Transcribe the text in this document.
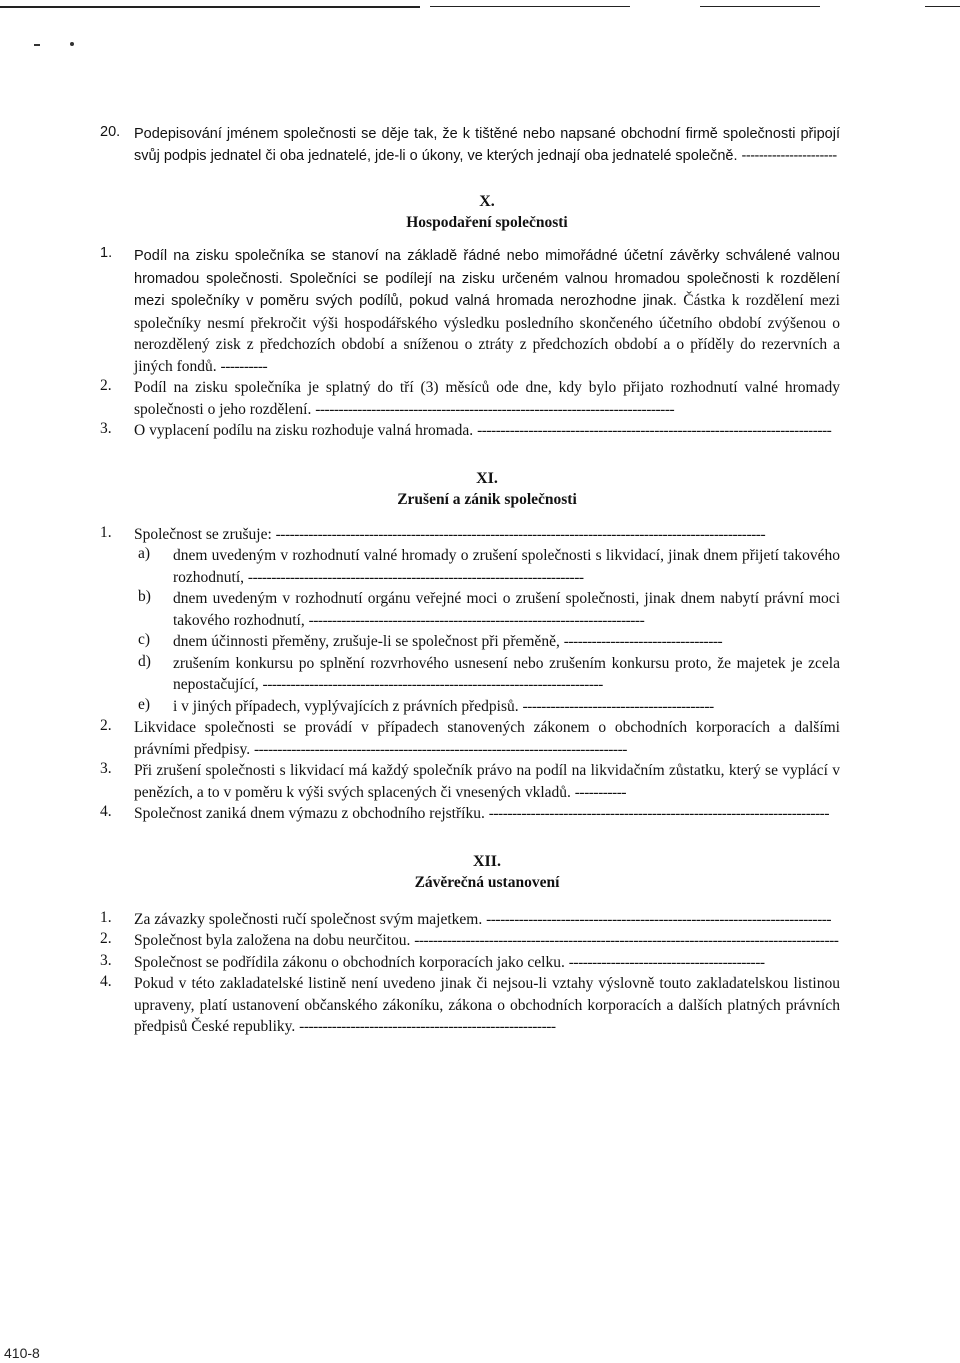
20. Podepisování jménem společnosti se děje tak, že k tištěné nebo napsané obchodní firmě společnosti připojí svůj podpis jednatel či oba jednatelé, jde-li o úkony, ve kterých jednají oba jednatelé společně. ----------------------
X.
Hospodaření společnosti
1.	Podíl na zisku společníka se stanoví na základě řádné nebo mimořádné účetní závěrky schválené valnou hromadou společnosti. Společníci se podílejí na zisku určeném valnou hromadou společnosti k rozdělení mezi společníky v poměru svých podílů, pokud valná hromada nerozhodne jinak. Částka k rozdělení mezi společníky nesmí překročit výši hospodářského výsledku posledního skončeného účetního období zvýšenou o nerozdělený zisk z předchozích období a sníženou o ztráty z předchozích období a o příděly do rezervních a jiných fondů. ----------
2.	Podíl na zisku společníka je splatný do tří (3) měsíců ode dne, kdy bylo přijato rozhodnutí valné hromady společnosti o jeho rozdělení. -----------------------------------------------------------------------------
3.	O vyplacení podílu na zisku rozhoduje valná hromada. ----------------------------------------------------------------------------
XI.
Zrušení a zánik společnosti
1.	Společnost se zrušuje: ---------------------------------------------------------------------------------------------------------
a)	dnem uvedeným v rozhodnutí valné hromady o zrušení společnosti s likvidací, jinak dnem přijetí takového rozhodnutí, ------------------------------------------------------------------------
b)	dnem uvedeným v rozhodnutí orgánu veřejné moci o zrušení společnosti, jinak dnem nabytí právní moci takového rozhodnutí, ------------------------------------------------------------------------
c)	dnem účinnosti přeměny, zrušuje-li se společnost při přeměně, ----------------------------------
d)	zrušením konkursu po splnění rozvrhového usnesení nebo zrušením konkursu proto, že majetek je zcela nepostačující, -------------------------------------------------------------------------
e)	i v jiných případech, vyplývajících z právních předpisů. -----------------------------------------
2.	Likvidace společnosti se provádí v případech stanovených zákonem o obchodních korporacích a dalšími právními předpisy. --------------------------------------------------------------------------------
3.	Při zrušení společnosti s likvidací má každý společník právo na podíl na likvidačním zůstatku, který se vyplácí v penězích, a to v poměru k výši svých splacených či vnesených vkladů. -----------
4.	Společnost zaniká dnem výmazu z obchodního rejstříku. -------------------------------------------------------------------------
XII.
Závěrečná ustanovení
1.	Za závazky společnosti ručí společnost svým majetkem. --------------------------------------------------------------------------
2.	Společnost byla založena na dobu neurčitou. -------------------------------------------------------------------------------------------
3.	Společnost se podřídila zákonu o obchodních korporacích jako celku. ------------------------------------------
4.	Pokud v této zakladatelské listině není uvedeno jinak či nejsou-li vztahy výslovně touto zakladatelskou listinou upraveny, platí ustanovení občanského zákoníku, zákona o obchodních korporacích a dalších platných právních předpisů České republiky. -------------------------------------------------------
410-8
